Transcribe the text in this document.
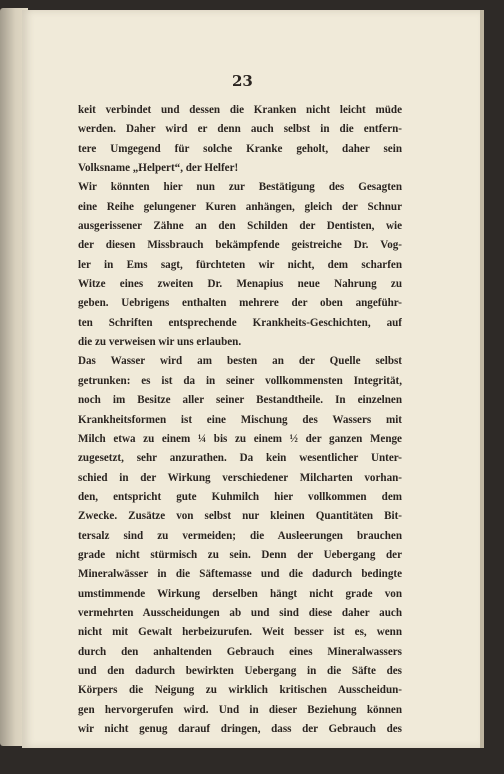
23
keit verbindet und dessen die Kranken nicht leicht müde
werden. Daher wird er denn auch selbst in die entfern-
tere Umgegend für solche Kranke geholt, daher sein
Volksname „Helpert“, der Helfer!
Wir könnten hier nun zur Bestätigung des Gesagten
eine Reihe gelungener Kuren anhängen, gleich der Schnur
ausgerissener Zähne an den Schilden der Dentisten, wie
der diesen Missbrauch bekämpfende geistreiche Dr. Vog-
ler in Ems sagt, fürchteten wir nicht, dem scharfen
Witze eines zweiten Dr. Menapius neue Nahrung zu
geben. Uebrigens enthalten mehrere der oben angeführ-
ten Schriften entsprechende Krankheits-Geschichten, auf
die zu verweisen wir uns erlauben.
Das Wasser wird am besten an der Quelle selbst
getrunken: es ist da in seiner vollkommensten Integrität,
noch im Besitze aller seiner Bestandtheile. In einzelnen
Krankheitsformen ist eine Mischung des Wassers mit
Milch etwa zu einem ¼ bis zu einem ½ der ganzen Menge
zugesetzt, sehr anzurathen. Da kein wesentlicher Unter-
schied in der Wirkung verschiedener Milcharten vorhan-
den, entspricht gute Kuhmilch hier vollkommen dem
Zwecke. Zusätze von selbst nur kleinen Quantitäten Bit-
tersalz sind zu vermeiden; die Ausleerungen brauchen
grade nicht stürmisch zu sein. Denn der Uebergang der
Mineralwässer in die Säftemasse und die dadurch bedingte
umstimmende Wirkung derselben hängt nicht grade von
vermehrten Ausscheidungen ab und sind diese daher auch
nicht mit Gewalt herbeizurufen. Weit besser ist es, wenn
durch den anhaltenden Gebrauch eines Mineralwassers
und den dadurch bewirkten Uebergang in die Säfte des
Körpers die Neigung zu wirklich kritischen Ausscheidun-
gen hervorgerufen wird. Und in dieser Beziehung können
wir nicht genug darauf dringen, dass der Gebrauch des
